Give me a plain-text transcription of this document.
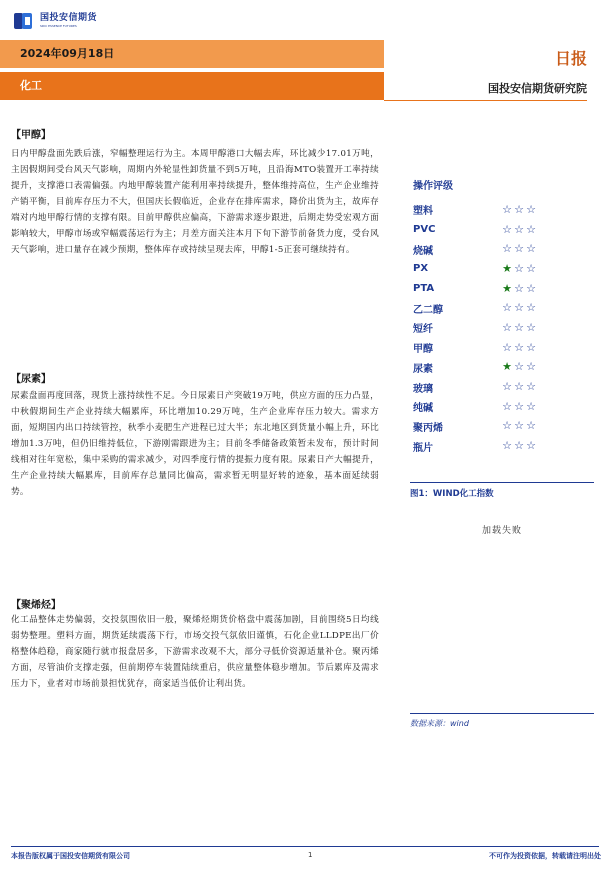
国投安信期货
SDIC ESSENCE FUTURES
2024年09月18日	日报
化工	国投安信期货研究院
【甲醇】

日内甲醇盘面先跌后涨，窄幅整理运行为主。本周甲醇港口大幅去库，环比减少17.01万吨，主因假期间受台风天气影响，周期内外轮显性卸货量不到5万吨，且沿海MTO装置开工率持续提升，支撑港口表需偏强。内地甲醇装置产能利用率持续提升，整体维持高位，生产企业维持产销平衡，目前库存压力不大，但国庆长假临近，企业存在排库需求，降价出货为主，故库存端对内地甲醇行情的支撑有限。目前甲醇供应偏高，下游需求逐步跟进，后期走势受宏观方面影响较大，甲醇市场或窄幅震荡运行为主；月差方面关注本月下旬下游节前备货力度，受台风天气影响，进口量存在减少预期，整体库存或持续呈现去库，甲醇1-5正套可继续持有。

【尿素】

尿素盘面再度回落，现货上涨持续性不足。今日尿素日产突破19万吨，供应方面的压力凸显，中秋假期间生产企业持续大幅累库，环比增加10.29万吨，生产企业库存压力较大。需求方面，短期国内出口持续管控，秋季小麦肥生产进程已过大半；东北地区到货量小幅上升，环比增加1.3万吨，但仍旧维持低位，下游刚需跟进为主；目前冬季储备政策暂未发布，预计时间线相对往年宽松，集中采购的需求减少，对四季度行情的提振力度有限。尿素日产大幅提升，生产企业持续大幅累库，目前库存总量同比偏高，需求暂无明显好转的迹象，基本面延续弱势。

【聚烯烃】

化工品整体走势偏弱，交投氛围依旧一般，聚烯烃期货价格盘中震荡加剧，目前围绕5日均线弱势整理。塑料方面，期货延续震荡下行，市场交投气氛依旧谨慎，石化企业LLDPE出厂价格整体趋稳，商家随行就市报盘居多，下游需求改观不大，部分寻低价资源适量补仓。聚丙烯方面，尽管油价支撑走强，但前期停车装置陆续重启，供应量整体稳步增加。节后累库及需求压力下，业者对市场前景担忧犹存，商家适当低价让利出货。

操作评级
塑料	☆ ☆ ☆
PVC	☆ ☆ ☆
烧碱	☆ ☆ ☆
PX	★ ☆ ☆
PTA	★ ☆ ☆
乙二醇	☆ ☆ ☆
短纤	☆ ☆ ☆
甲醇	☆ ☆ ☆
尿素	★ ☆ ☆
玻璃	☆ ☆ ☆
纯碱	☆ ☆ ☆
聚丙烯	☆ ☆ ☆
瓶片	☆ ☆ ☆
图1：WIND化工指数
加载失败
数据来源：wind
本报告版权属于国投安信期货有限公司	1	不可作为投资依据，转载请注明出处
